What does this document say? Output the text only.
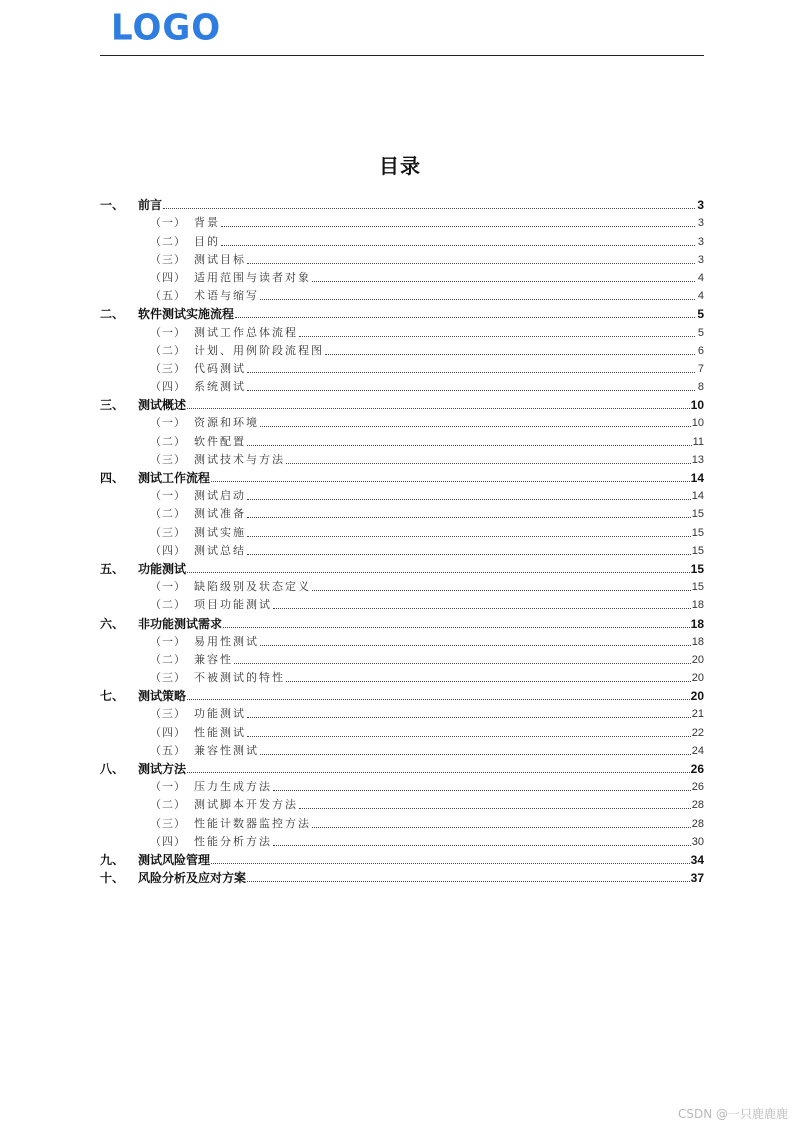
LOGO
目录
一、	前言	3
（一） 背景	3
（二） 目的	3
（三） 测试目标	3
（四） 适用范围与读者对象	4
（五） 术语与缩写	4
二、	软件测试实施流程	5
（一） 测试工作总体流程	5
（二） 计划、用例阶段流程图	6
（三） 代码测试	7
（四） 系统测试	8
三、	测试概述	10
（一） 资源和环境	10
（二） 软件配置	11
（三） 测试技术与方法	13
四、	测试工作流程	14
（一） 测试启动	14
（二） 测试准备	15
（三） 测试实施	15
（四） 测试总结	15
五、	功能测试	15
（一） 缺陷级别及状态定义	15
（二） 项目功能测试	18
六、	非功能测试需求	18
（一） 易用性测试	18
（二） 兼容性	20
（三） 不被测试的特性	20
七、	测试策略	20
（三） 功能测试	21
（四） 性能测试	22
（五） 兼容性测试	24
八、	测试方法	26
（一） 压力生成方法	26
（二） 测试脚本开发方法	28
（三） 性能计数器监控方法	28
（四） 性能分析方法	30
九、	测试风险管理	34
十、	风险分析及应对方案	37
CSDN @一只鹿鹿鹿
